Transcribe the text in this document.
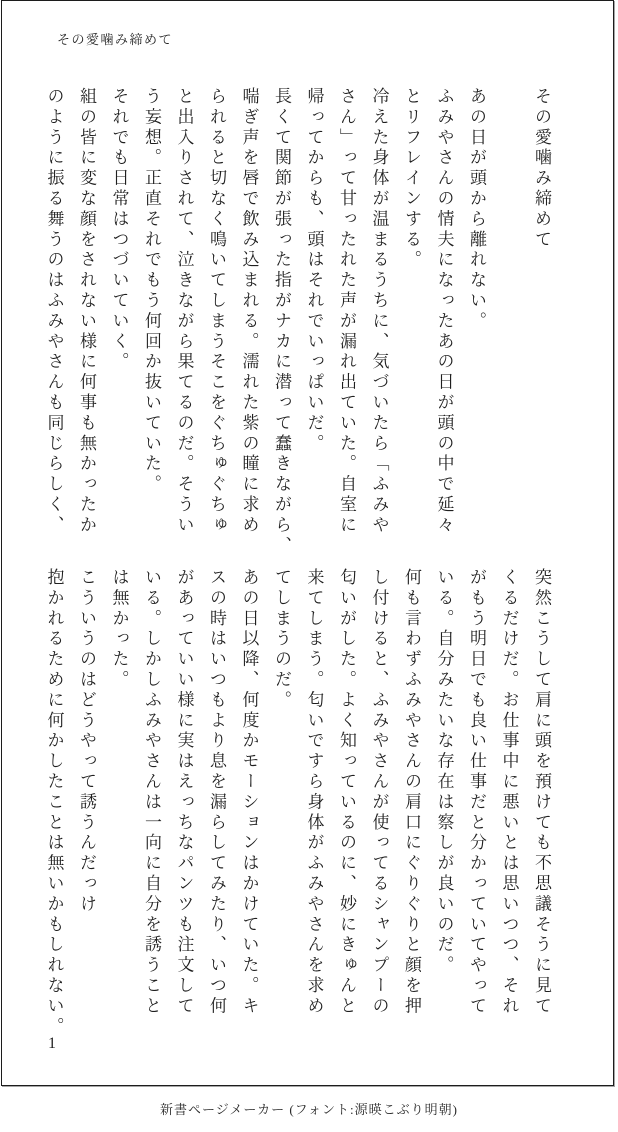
その愛噛み締めて

その愛噛み締めて

あの日が頭から離れない。

ふみやさんの情夫になったあの日が頭の中で延々

とリフレインする。

冷えた身体が温まるうちに、気づいたら「ふみや

さん」って甘ったれた声が漏れ出ていた。自室に

帰ってからも、頭はそれでいっぱいだ。

長くて関節が張った指がナカに潜って蠢きながら、

喘ぎ声を唇で飲み込まれる。濡れた紫の瞳に求め

られると切なく鳴いてしまうそこをぐちゅぐちゅ

と出入りされて、泣きながら果てるのだ。そうい

う妄想。正直それでもう何回か抜いていた。

それでも日常はつづいていく。

組の皆に変な顔をされない様に何事も無かったか

のように振る舞うのはふみやさんも同じらしく、

突然こうして肩に頭を預けても不思議そうに見て

くるだけだ。お仕事中に悪いとは思いつつ、それ

がもう明日でも良い仕事だと分かっていてやって

いる。自分みたいな存在は察しが良いのだ。

何も言わずふみやさんの肩口にぐりぐりと顔を押

し付けると、ふみやさんが使ってるシャンプーの

匂いがした。よく知っているのに、妙にきゅんと

来てしまう。匂いですら身体がふみやさんを求め

てしまうのだ。

あの日以降、何度かモーションはかけていた。キ

スの時はいつもより息を漏らしてみたり、いつ何

があっていい様に実はえっちなパンツも注文して

いる。しかしふみやさんは一向に自分を誘うこと

は無かった。

こういうのはどうやって誘うんだっけ

抱かれるために何かしたことは無いかもしれない。

1
新書ページメーカー (フォント:源暎こぶり明朝)
